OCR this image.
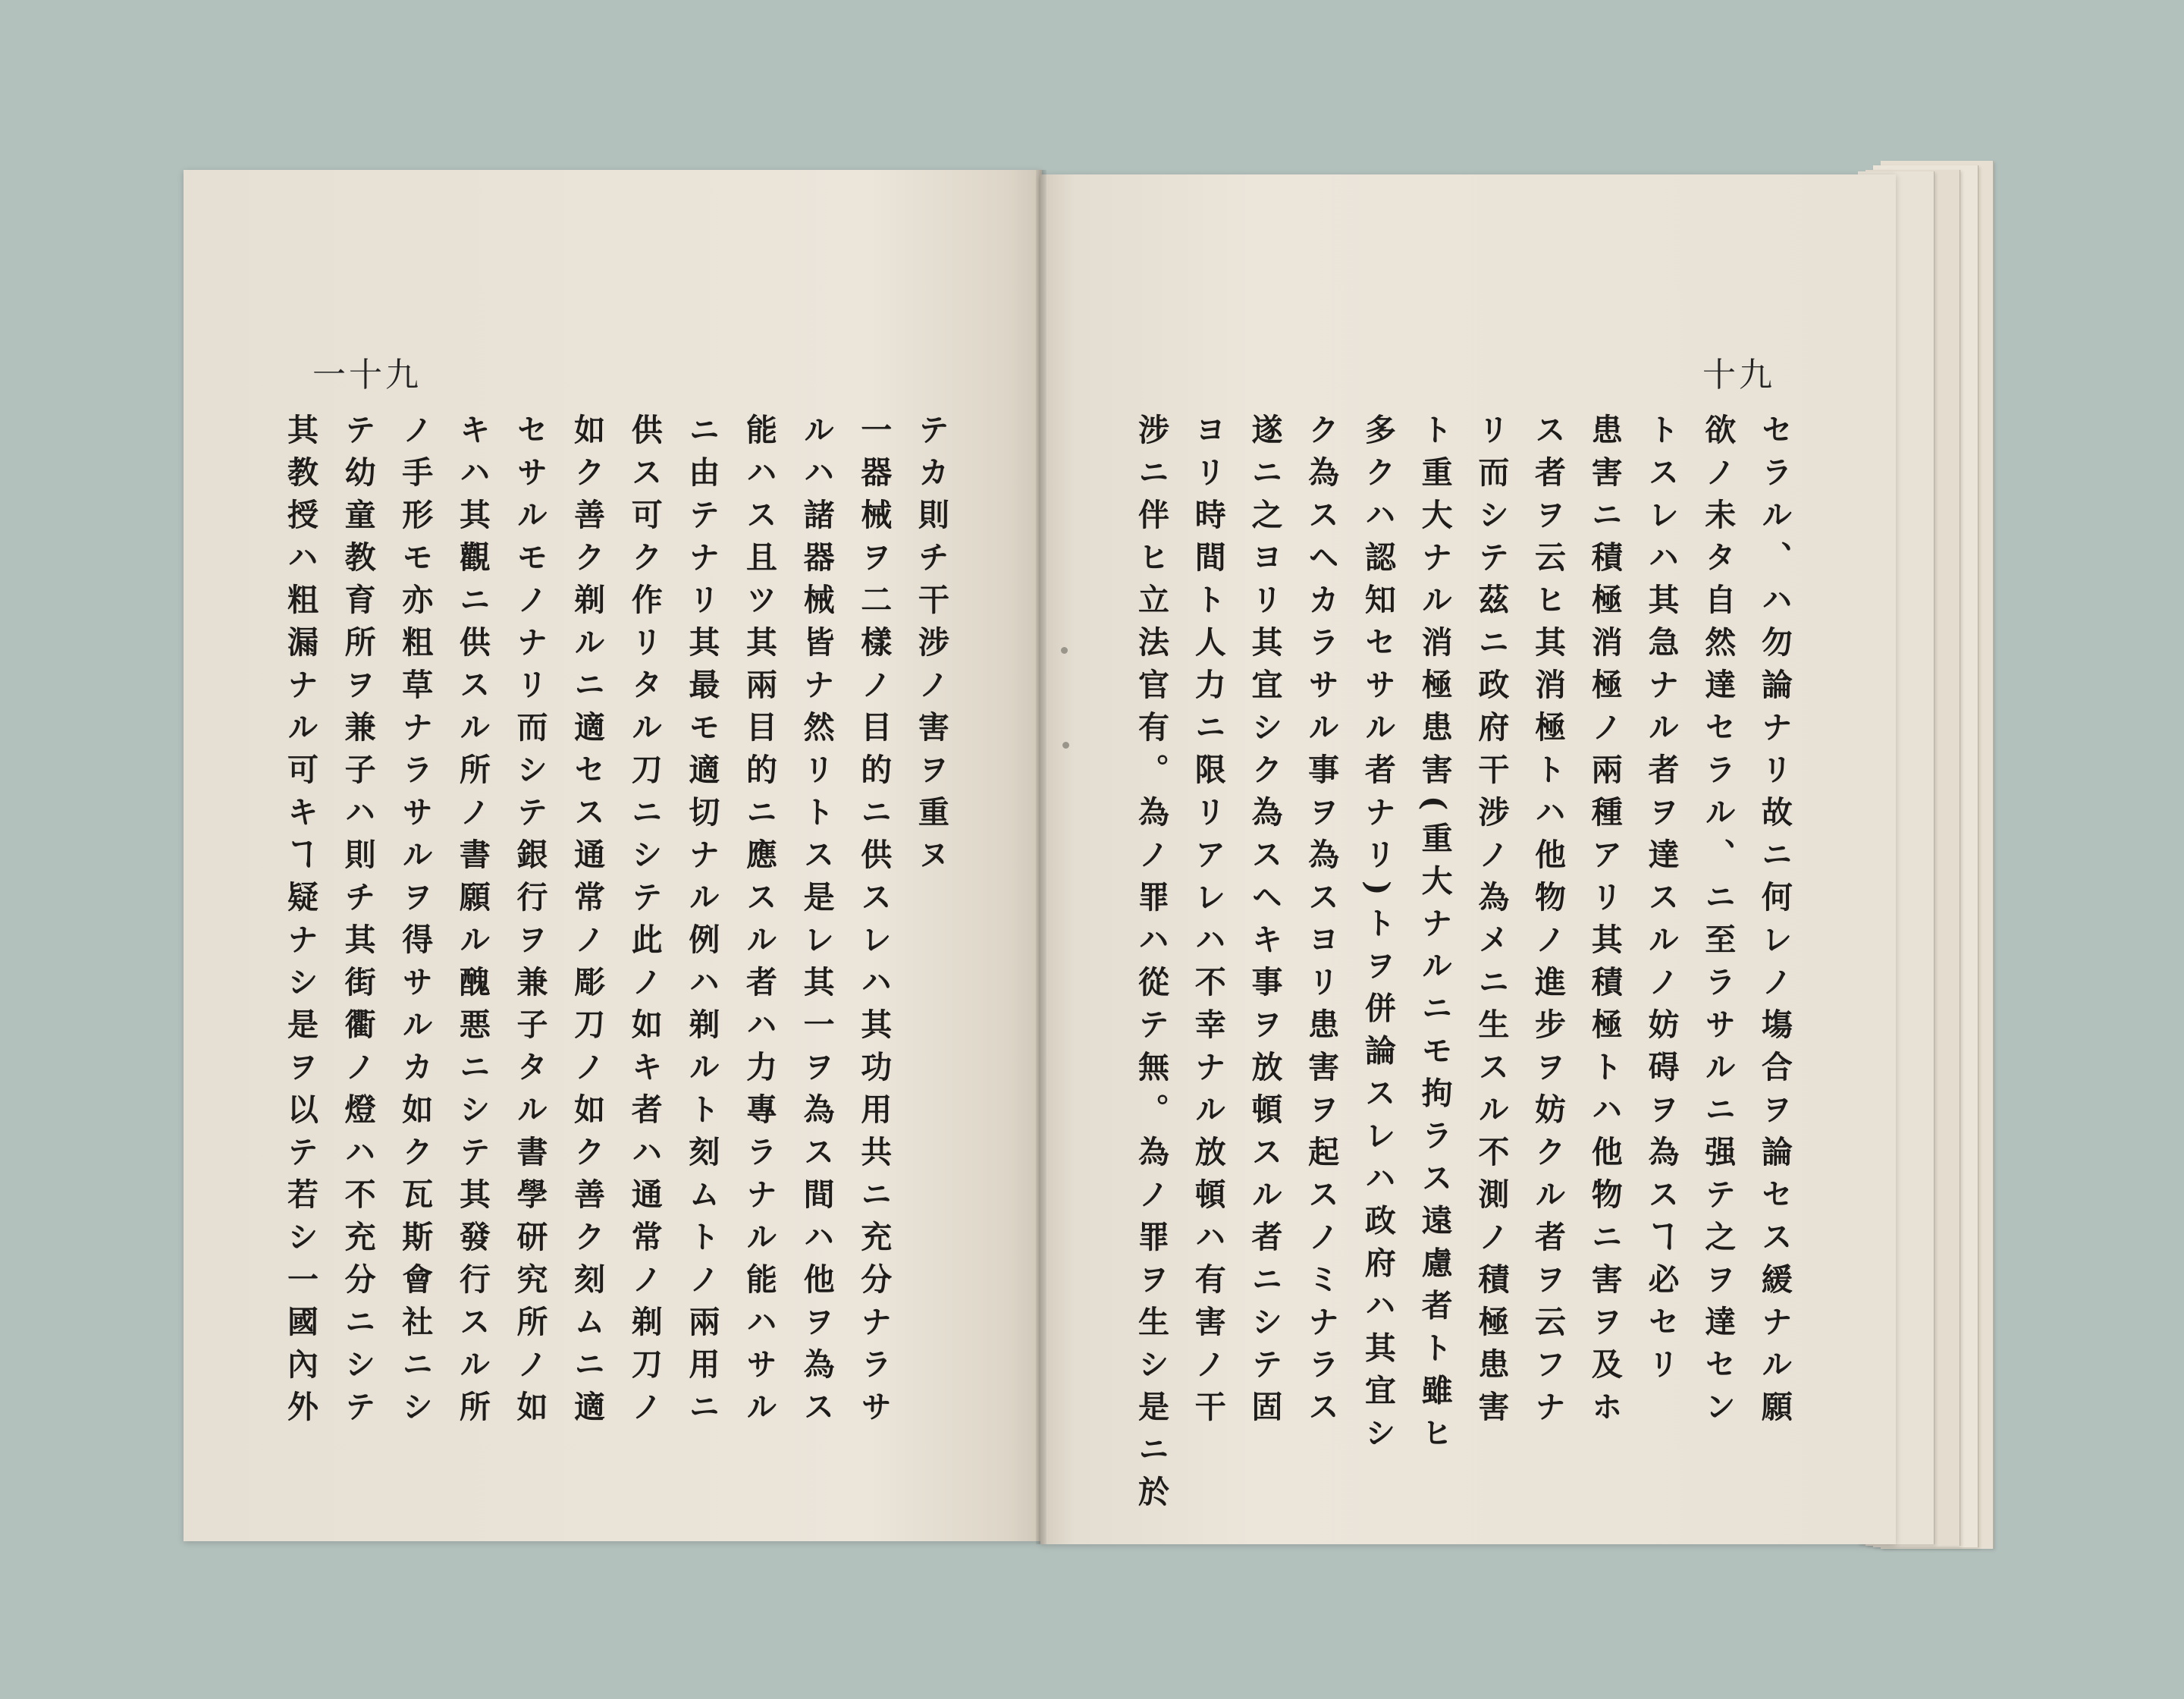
一十九	十九
テカ則チ干涉ノ害ヲ重ヌ
一器械ヲ二樣ノ目的ニ供スレハ其功用共ニ充分ナラサ
ルハ諸器械皆ナ然リトス是レ其一ヲ為ス間ハ他ヲ為ス
能ハス且ツ其兩目的ニ應スル者ハ力專ラナル能ハサル
ニ由テナリ其最モ適切ナル例ハ剃ルト刻ムトノ兩用ニ
供ス可ク作リタル刀ニシテ此ノ如キ者ハ通常ノ剃刀ノ
如ク善ク剃ルニ適セス通常ノ彫刀ノ如ク善ク刻ムニ適
セサルモノナリ而シテ銀行ヲ兼子タル書學研究所ノ如
キハ其觀ニ供スル所ノ書願ル醜悪ニシテ其發行スル所
ノ手形モ亦粗草ナラサルヲ得サルカ如ク瓦斯會社ニシ
テ幼童教育所ヲ兼子ハ則チ其街衢ノ燈ハ不充分ニシテ
其教授ハ粗漏ナル可キヿ疑ナシ是ヲ以テ若シ一國內外	セラル、ハ勿論ナリ故ニ何レノ塲合ヲ論セス緩ナル願
欲ノ未タ自然達セラル、ニ至ラサルニ强テ之ヲ達セン
トスレハ其急ナル者ヲ達スルノ妨碍ヲ為スヿ必セリ
患害ニ積極消極ノ兩種アリ其積極トハ他物ニ害ヲ及ホ
ス者ヲ云ヒ其消極トハ他物ノ進步ヲ妨クル者ヲ云フナ
リ而シテ茲ニ政府干涉ノ為メニ生スル不測ノ積極患害
ト重大ナル消極患害(重大ナルニモ拘ラス遠慮者ト雖ヒ
多クハ認知セサル者ナリ)トヲ併論スレハ政府ハ其宜シ
ク為スヘカラサル事ヲ為スヨリ患害ヲ起スノミナラス
遂ニ之ヨリ其宜シク為スヘキ事ヲ放頓スル者ニシテ固
ヨリ時間ト人力ニ限リアレハ不幸ナル放頓ハ有害ノ干
涉ニ伴ヒ立法官有。為ノ罪ハ從テ無。為ノ罪ヲ生シ是ニ於
